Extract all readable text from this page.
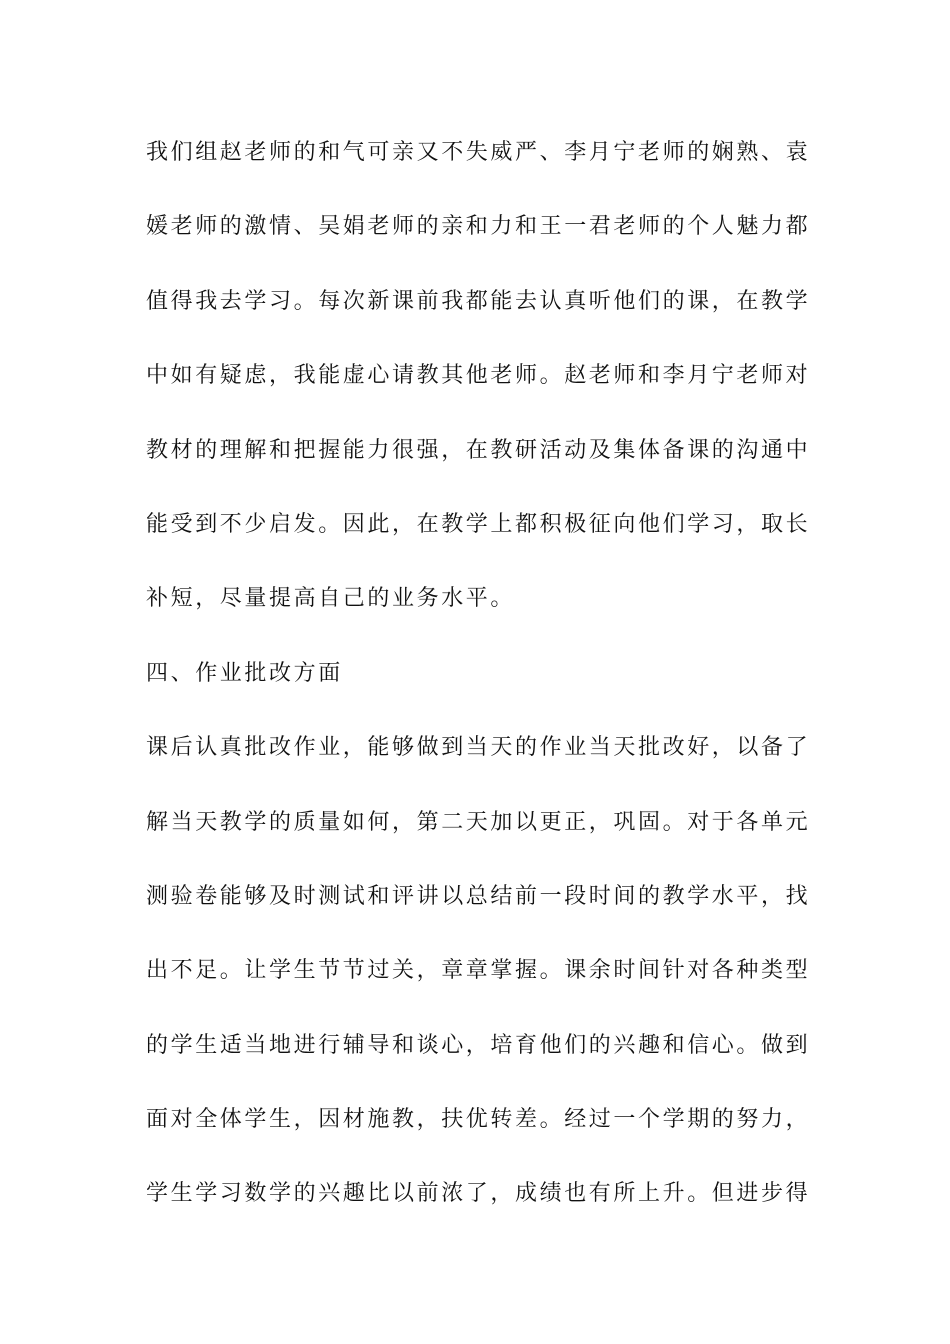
我们组赵老师的和气可亲又不失威严、李月宁老师的娴熟、袁
媛老师的激情、吴娟老师的亲和力和王一君老师的个人魅力都
值得我去学习。每次新课前我都能去认真听他们的课，在教学
中如有疑虑，我能虚心请教其他老师。赵老师和李月宁老师对
教材的理解和把握能力很强，在教研活动及集体备课的沟通中
能受到不少启发。因此，在教学上都积极征向他们学习，取长
补短，尽量提高自己的业务水平。
四、作业批改方面
课后认真批改作业，能够做到当天的作业当天批改好，以备了
解当天教学的质量如何，第二天加以更正，巩固。对于各单元
测验卷能够及时测试和评讲以总结前一段时间的教学水平，找
出不足。让学生节节过关，章章掌握。课余时间针对各种类型
的学生适当地进行辅导和谈心，培育他们的兴趣和信心。做到
面对全体学生，因材施教，扶优转差。经过一个学期的努力，
学生学习数学的兴趣比以前浓了，成绩也有所上升。但进步得
